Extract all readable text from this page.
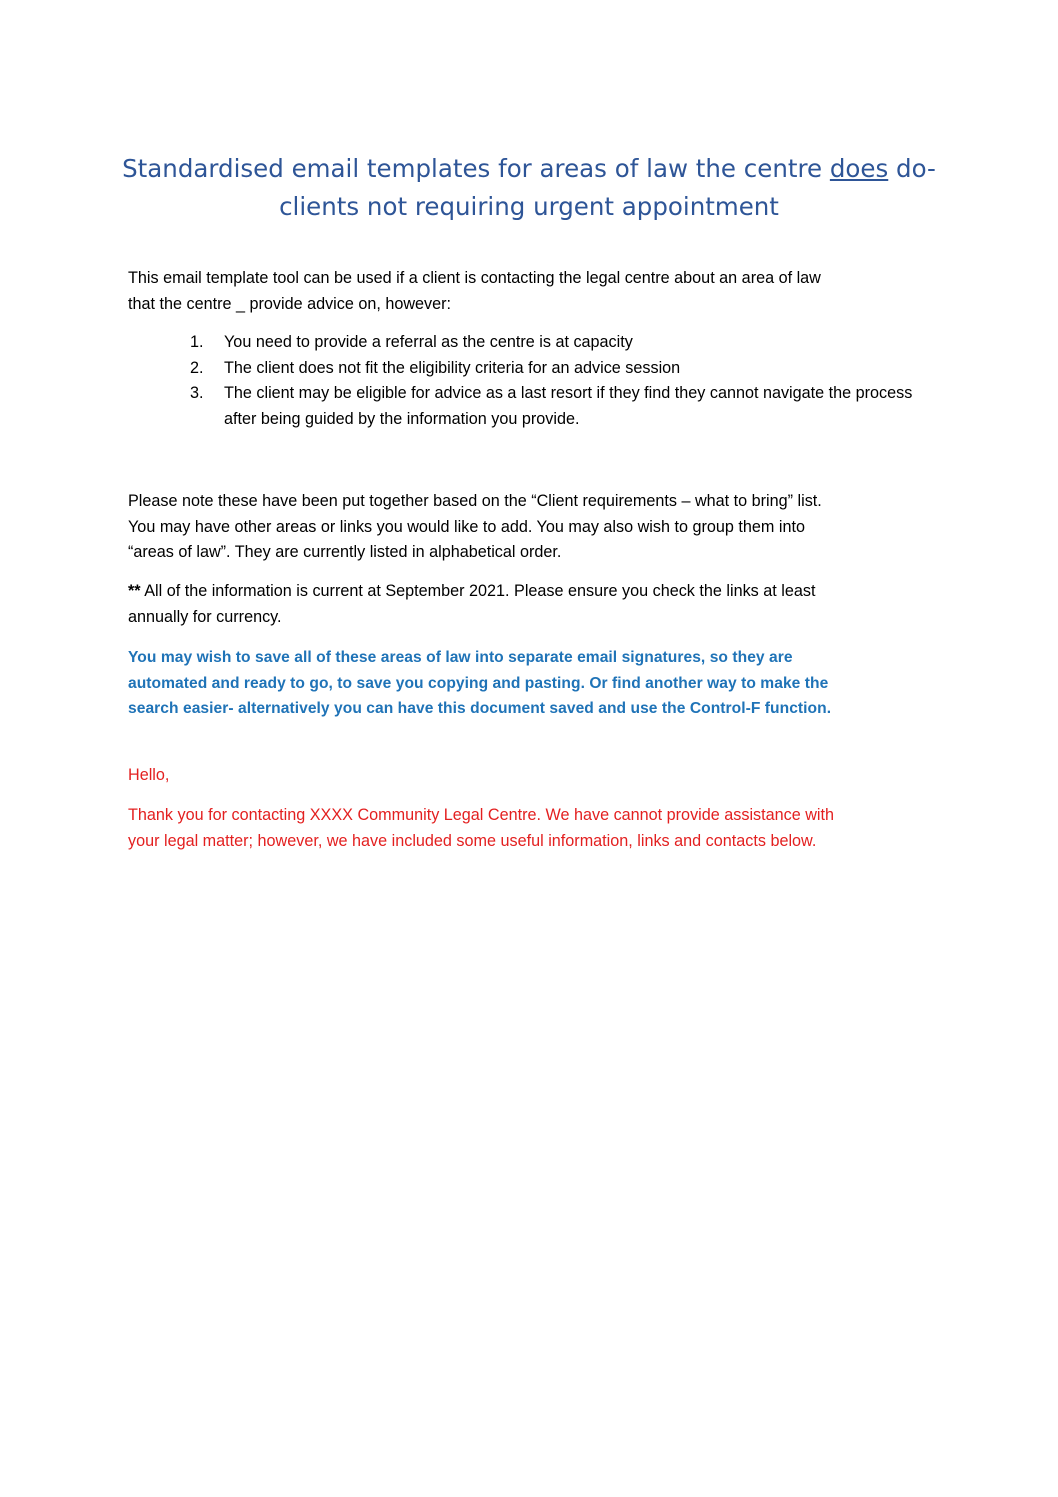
Standardised email templates for areas of law the centre does do-
clients not requiring urgent appointment

This email template tool can be used if a client is contacting the legal centre about an area of law
that the centre _ provide advice on, however:

1. You need to provide a referral as the centre is at capacity
2. The client does not fit the eligibility criteria for an advice session
3. The client may be eligible for advice as a last resort if they find they cannot navigate the process after being guided by the information you provide.

Please note these have been put together based on the “Client requirements – what to bring” list.
You may have other areas or links you would like to add. You may also wish to group them into
“areas of law”. They are currently listed in alphabetical order.

** All of the information is current at September 2021. Please ensure you check the links at least
annually for currency.

You may wish to save all of these areas of law into separate email signatures, so they are
automated and ready to go, to save you copying and pasting. Or find another way to make the
search easier- alternatively you can have this document saved and use the Control-F function.

Hello,

Thank you for contacting XXXX Community Legal Centre. We have cannot provide assistance with
your legal matter; however, we have included some useful information, links and contacts below.
